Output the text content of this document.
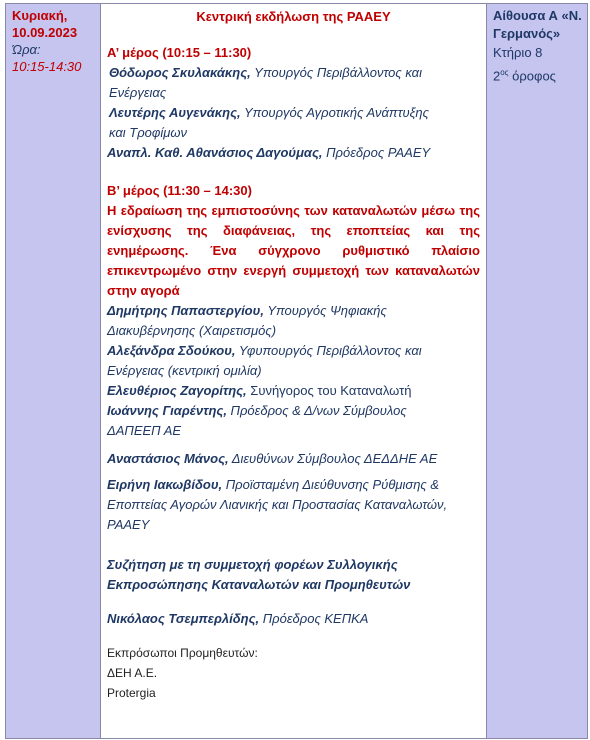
Κυριακή,
10.09.2023
Ώρα:
10:15-14:30
Κεντρική εκδήλωση της ΡΑΑΕΥ
Α’ μέρος (10:15 – 11:30)
Θόδωρος Σκυλακάκης, Υπουργός Περιβάλλοντος και
Ενέργειας
Λευτέρης Αυγενάκης, Υπουργός Αγροτικής Ανάπτυξης
και Τροφίμων
Αναπλ. Καθ. Αθανάσιος Δαγούμας, Πρόεδρος ΡΑΑΕΥ
Β’ μέρος (11:30 – 14:30)
Η εδραίωση της εμπιστοσύνης των καταναλωτών μέσω της
ενίσχυσης της διαφάνειας, της εποπτείας και της
ενημέρωσης. Ένα σύγχρονο ρυθμιστικό πλαίσιο
επικεντρωμένο στην ενεργή συμμετοχή των καταναλωτών
στην αγορά
Δημήτρης Παπαστεργίου, Υπουργός Ψηφιακής
Διακυβέρνησης (Χαιρετισμός)
Αλεξάνδρα Σδούκου, Υφυπουργός Περιβάλλοντος και
Ενέργειας (κεντρική ομιλία)
Ελευθέριος Ζαγορίτης, Συνήγορος του Καταναλωτή
Ιωάννης Γιαρέντης, Πρόεδρος & Δ/νων Σύμβουλος
ΔΑΠΕΕΠ ΑΕ
Αναστάσιος Μάνος, Διευθύνων Σύμβουλος ΔΕΔΔΗΕ ΑΕ
Ειρήνη Ιακωβίδου, Προϊσταμένη Διεύθυνσης Ρύθμισης &
Εποπτείας Αγορών Λιανικής και Προστασίας Καταναλωτών,
ΡΑΑΕΥ
Συζήτηση με τη συμμετοχή φορέων Συλλογικής
Εκπροσώπησης Καταναλωτών και Προμηθευτών
Νικόλαος Τσεμπερλίδης, Πρόεδρος ΚΕΠΚΑ
Εκπρόσωποι Προμηθευτών:
ΔΕΗ Α.Ε.
Protergia
Αίθουσα Α «Ν.
Γερμανός»
Κτήριο 8
$2^{o\varsigma}$ όροφος
